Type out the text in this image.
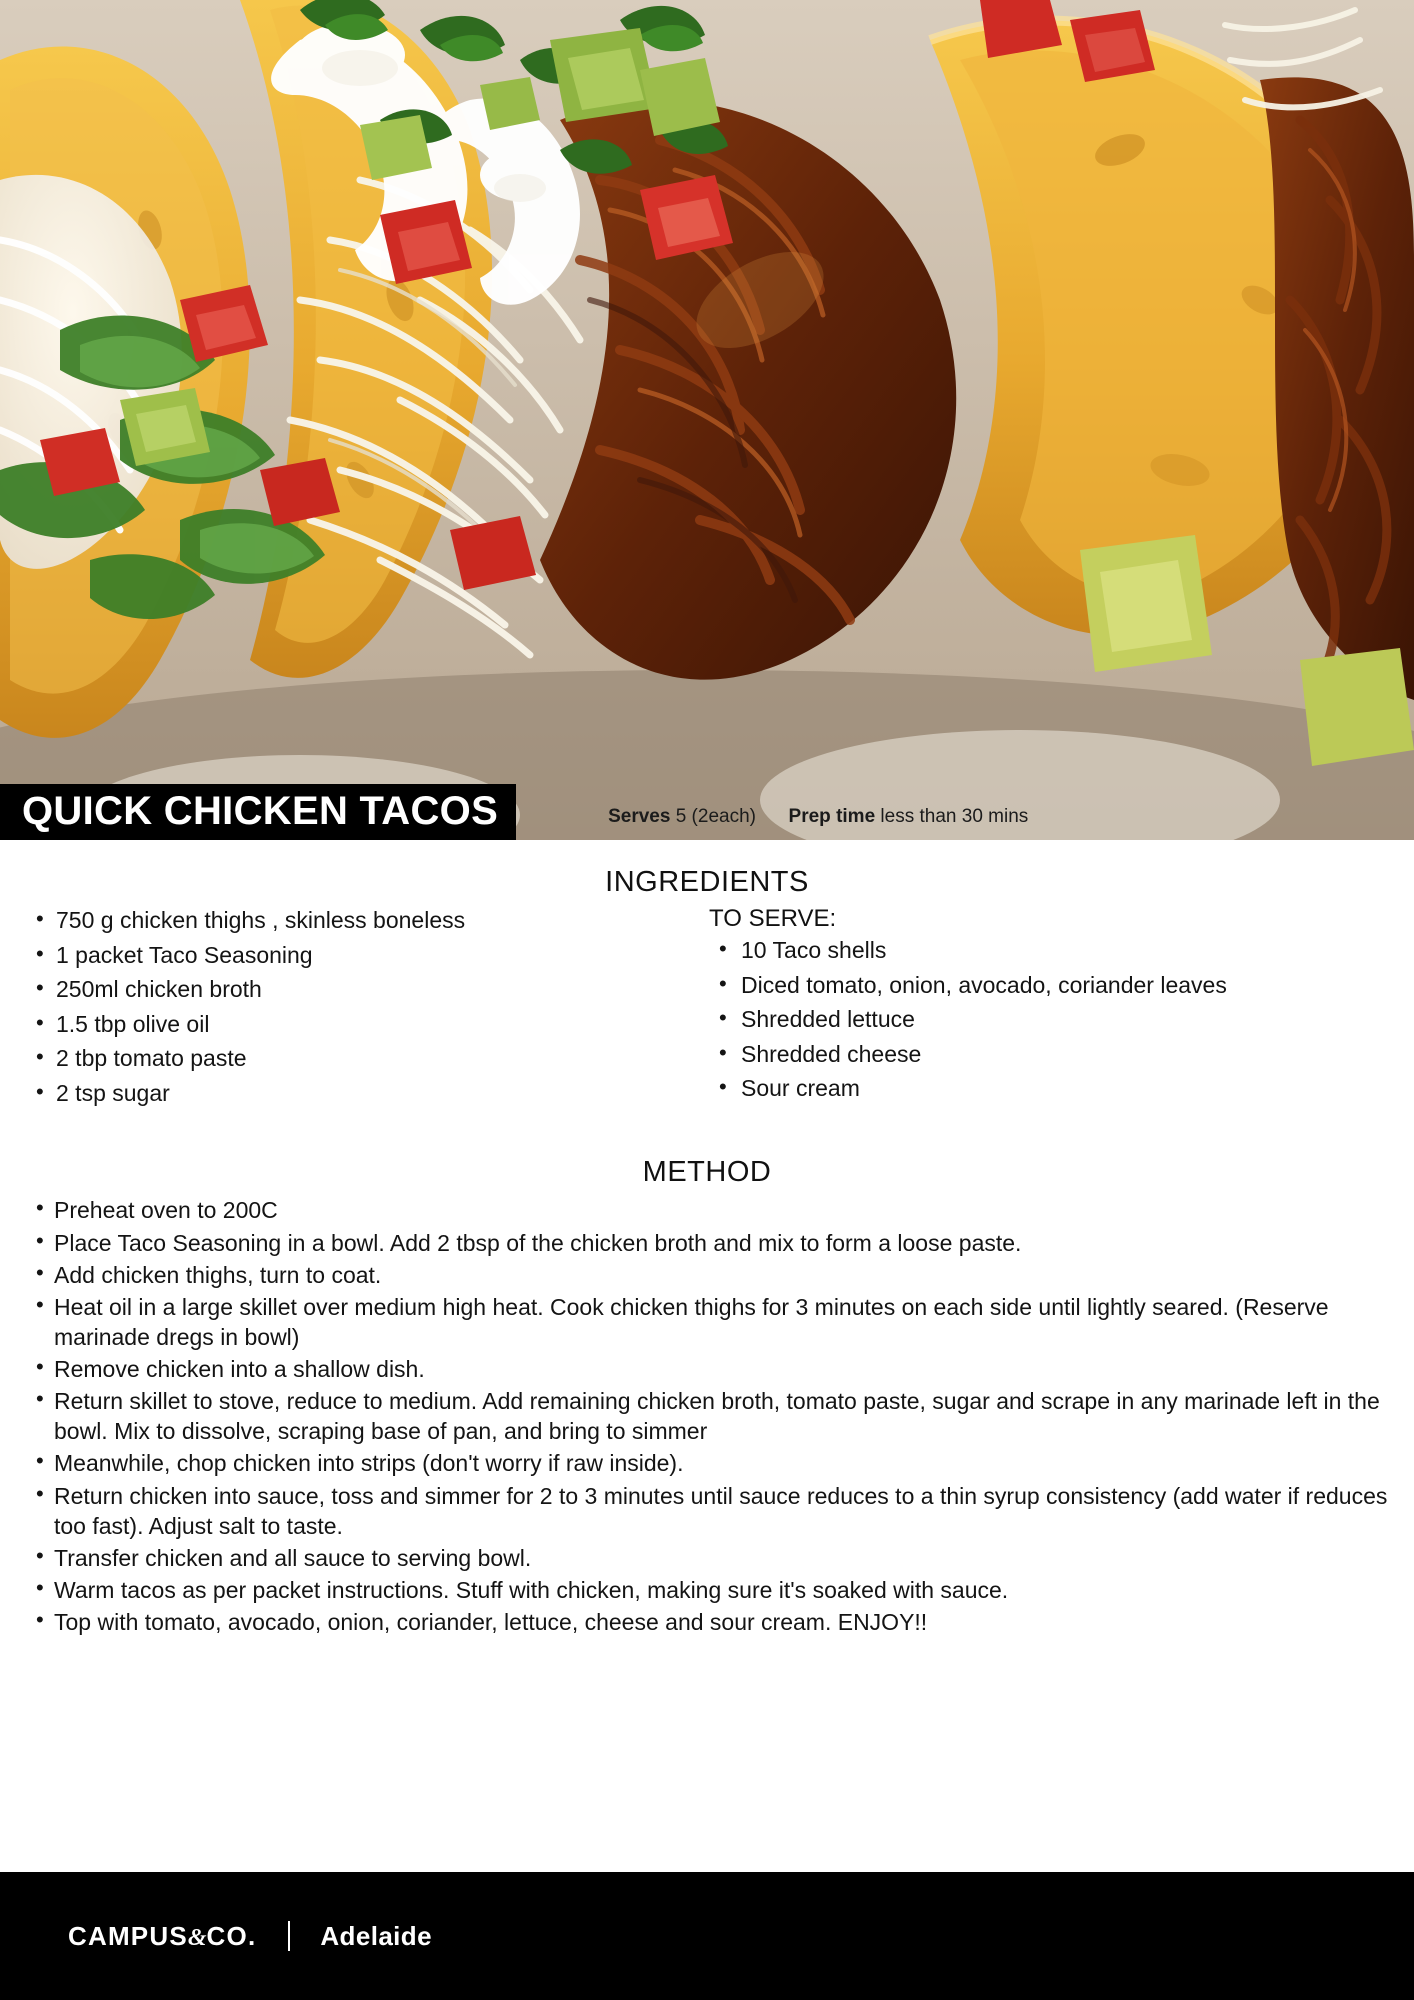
QUICK CHICKEN TACOS	Serves 5 (2each) Prep time less than 30 mins
INGREDIENTS
• 750 g chicken thighs , skinless boneless
• 1 packet Taco Seasoning
• 250ml chicken broth
• 1.5 tbp olive oil
• 2 tbp tomato paste
• 2 tsp sugar
TO SERVE:
• 10 Taco shells
• Diced tomato, onion, avocado, coriander leaves
• Shredded lettuce
• Shredded cheese
• Sour cream
METHOD
• Preheat oven to 200C
• Place Taco Seasoning in a bowl. Add 2 tbsp of the chicken broth and mix to form a loose paste.
• Add chicken thighs, turn to coat.
• Heat oil in a large skillet over medium high heat. Cook chicken thighs for 3 minutes on each side until lightly seared. (Reserve marinade dregs in bowl)
• Remove chicken into a shallow dish.
• Return skillet to stove, reduce to medium. Add remaining chicken broth, tomato paste, sugar and scrape in any marinade left in the bowl. Mix to dissolve, scraping base of pan, and bring to simmer
• Meanwhile, chop chicken into strips (don't worry if raw inside).
• Return chicken into sauce, toss and simmer for 2 to 3 minutes until sauce reduces to a thin syrup consistency (add water if reduces too fast). Adjust salt to taste.
• Transfer chicken and all sauce to serving bowl.
• Warm tacos as per packet instructions. Stuff with chicken, making sure it's soaked with sauce.
• Top with tomato, avocado, onion, coriander, lettuce, cheese and sour cream. ENJOY!!
CAMPUS&CO. Adelaide
